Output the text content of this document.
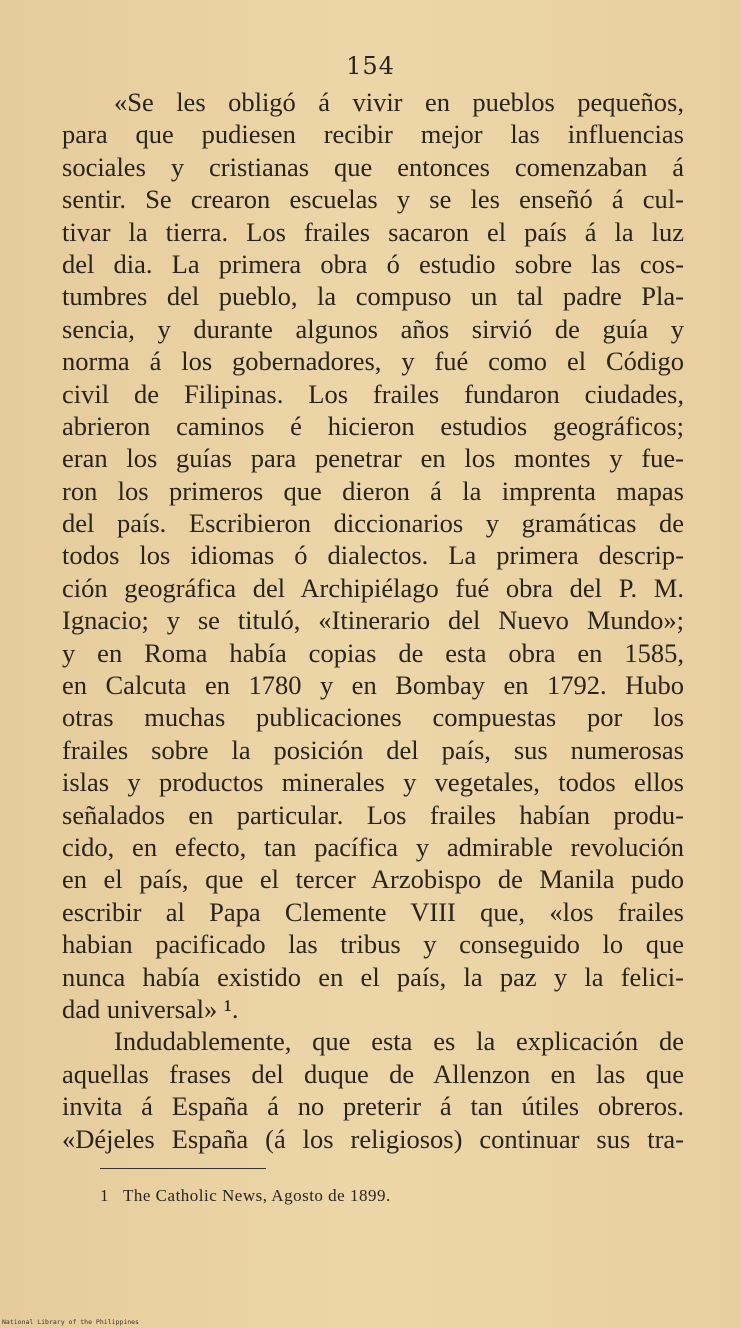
154
«Se les obligó á vivir en pueblos pequeños,
para que pudiesen recibir mejor las influencias
sociales y cristianas que entonces comenzaban á
sentir. Se crearon escuelas y se les enseñó á cul-
tivar la tierra. Los frailes sacaron el país á la luz
del dia. La primera obra ó estudio sobre las cos-
tumbres del pueblo, la compuso un tal padre Pla-
sencia, y durante algunos años sirvió de guía y
norma á los gobernadores, y fué como el Código
civil de Filipinas. Los frailes fundaron ciudades,
abrieron caminos é hicieron estudios geográficos;
eran los guías para penetrar en los montes y fue-
ron los primeros que dieron á la imprenta mapas
del país. Escribieron diccionarios y gramáticas de
todos los idiomas ó dialectos. La primera descrip-
ción geográfica del Archipiélago fué obra del P. M.
Ignacio; y se tituló, «Itinerario del Nuevo Mundo»;
y en Roma había copias de esta obra en 1585,
en Calcuta en 1780 y en Bombay en 1792. Hubo
otras muchas publicaciones compuestas por los
frailes sobre la posición del país, sus numerosas
islas y productos minerales y vegetales, todos ellos
señalados en particular. Los frailes habían produ-
cido, en efecto, tan pacífica y admirable revolución
en el país, que el tercer Arzobispo de Manila pudo
escribir al Papa Clemente VIII que, «los frailes
habian pacificado las tribus y conseguido lo que
nunca había existido en el país, la paz y la felici-
dad universal» ¹.
Indudablemente, que esta es la explicación de
aquellas frases del duque de Allenzon en las que
invita á España á no preterir á tan útiles obreros.
«Déjeles España (á los religiosos) continuar sus tra-
1 The Catholic News, Agosto de 1899.
National Library of the Philippines
